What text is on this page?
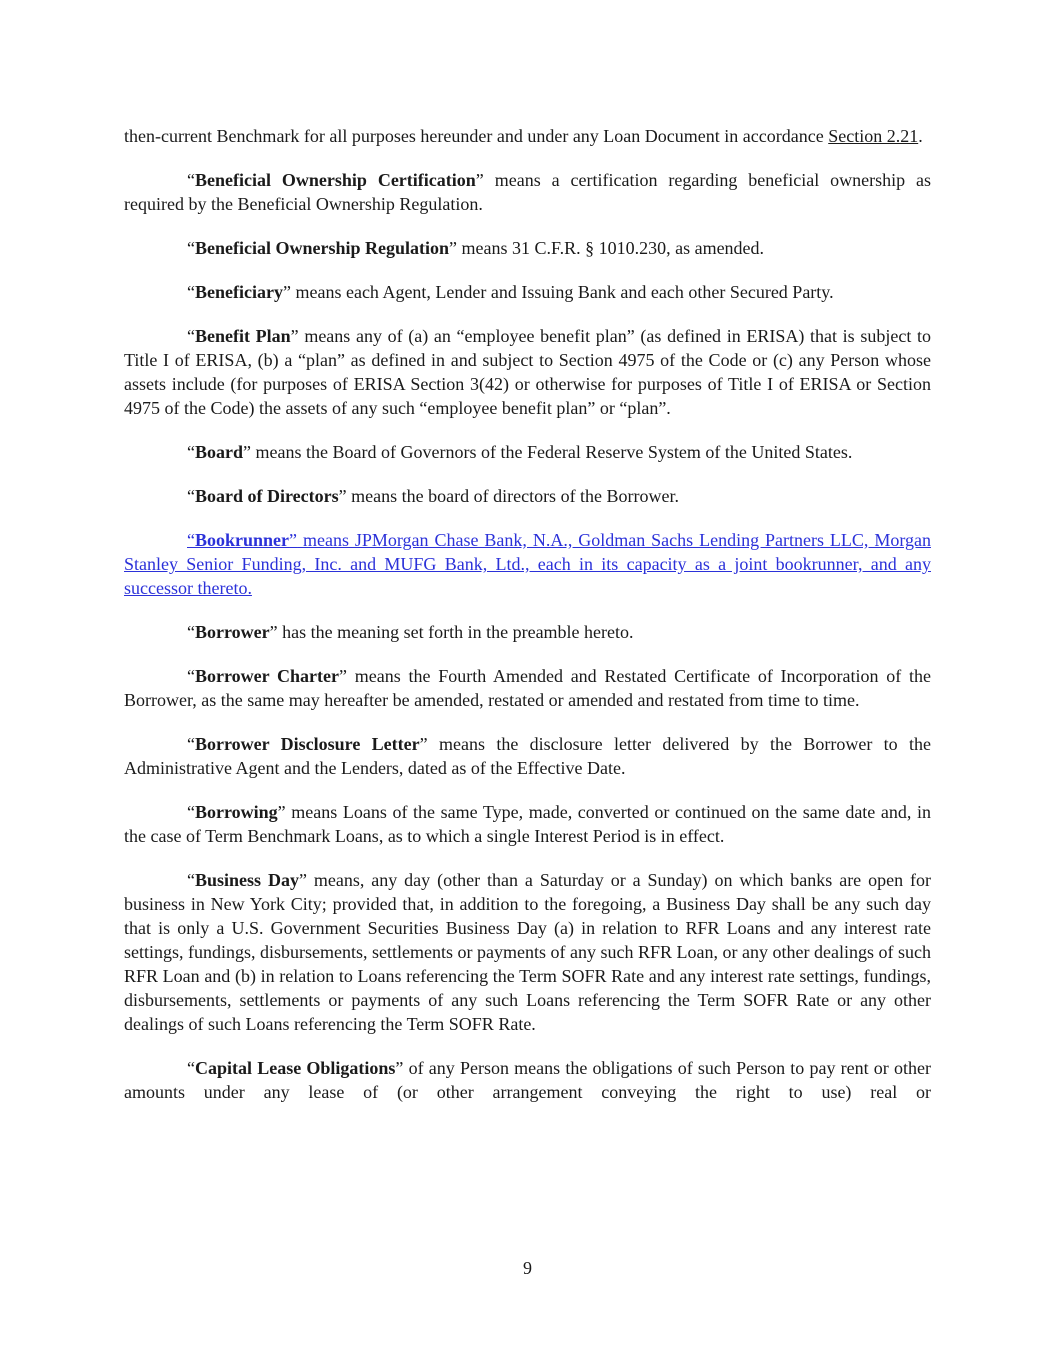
then-current Benchmark for all purposes hereunder and under any Loan Document in accordance Section 2.21.

“Beneficial Ownership Certification” means a certification regarding beneficial ownership as required by the Beneficial Ownership Regulation.

“Beneficial Ownership Regulation” means 31 C.F.R. § 1010.230, as amended.

“Beneficiary” means each Agent, Lender and Issuing Bank and each other Secured Party.

“Benefit Plan” means any of (a) an “employee benefit plan” (as defined in ERISA) that is subject to Title I of ERISA, (b) a “plan” as defined in and subject to Section 4975 of the Code or (c) any Person whose assets include (for purposes of ERISA Section 3(42) or otherwise for purposes of Title I of ERISA or Section 4975 of the Code) the assets of any such “employee benefit plan” or “plan”.

“Board” means the Board of Governors of the Federal Reserve System of the United States.

“Board of Directors” means the board of directors of the Borrower.

“Bookrunner” means JPMorgan Chase Bank, N.A., Goldman Sachs Lending Partners LLC, Morgan Stanley Senior Funding, Inc. and MUFG Bank, Ltd., each in its capacity as a joint bookrunner, and any successor thereto.

“Borrower” has the meaning set forth in the preamble hereto.

“Borrower Charter” means the Fourth Amended and Restated Certificate of Incorporation of the Borrower, as the same may hereafter be amended, restated or amended and restated from time to time.

“Borrower Disclosure Letter” means the disclosure letter delivered by the Borrower to the Administrative Agent and the Lenders, dated as of the Effective Date.

“Borrowing” means Loans of the same Type, made, converted or continued on the same date and, in the case of Term Benchmark Loans, as to which a single Interest Period is in effect.

“Business Day” means, any day (other than a Saturday or a Sunday) on which banks are open for business in New York City; provided that, in addition to the foregoing, a Business Day shall be any such day that is only a U.S. Government Securities Business Day (a) in relation to RFR Loans and any interest rate settings, fundings, disbursements, settlements or payments of any such RFR Loan, or any other dealings of such RFR Loan and (b) in relation to Loans referencing the Term SOFR Rate and any interest rate settings, fundings, disbursements, settlements or payments of any such Loans referencing the Term SOFR Rate or any other dealings of such Loans referencing the Term SOFR Rate.

“Capital Lease Obligations” of any Person means the obligations of such Person to pay rent or other amounts under any lease of (or other arrangement conveying the right to use) real or

9
